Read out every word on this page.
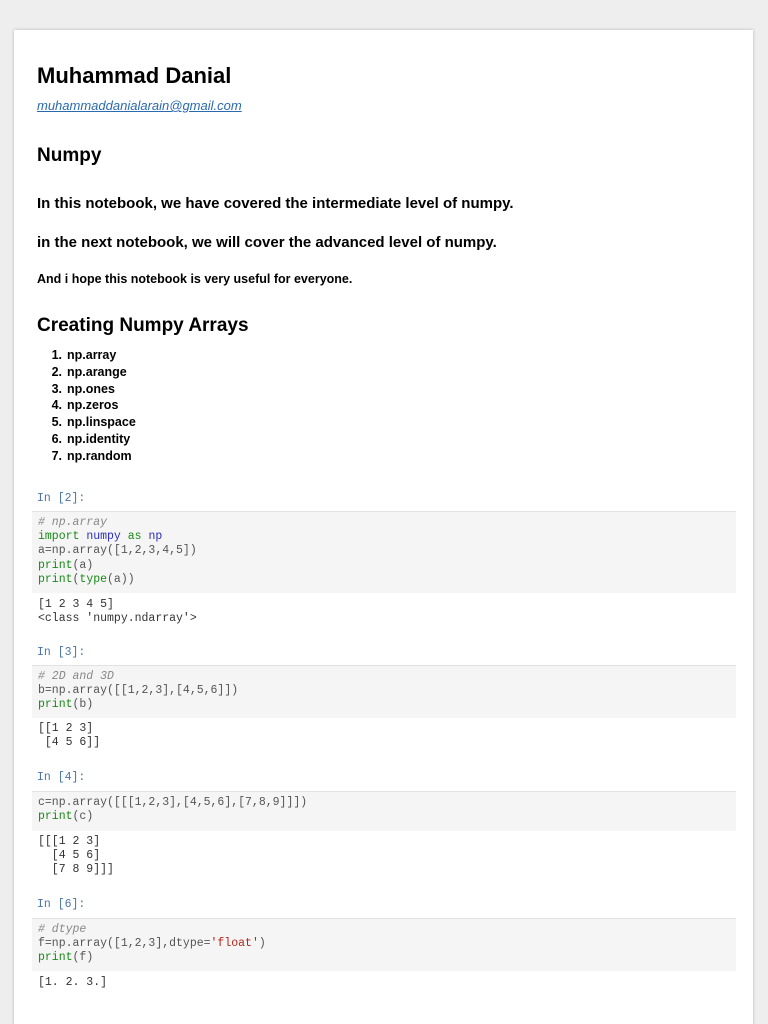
Muhammad Danial
muhammaddanialarain@gmail.com
Numpy
In this notebook, we have covered the intermediate level of numpy.
in the next notebook, we will cover the advanced level of numpy.
And i hope this notebook is very useful for everyone.
Creating Numpy Arrays
1. np.array
2. np.arange
3. np.ones
4. np.zeros
5. np.linspace
6. np.identity
7. np.random
In [2]:
# np.array
import numpy as np
a=np.array([1,2,3,4,5])
print(a)
print(type(a))
[1 2 3 4 5]
<class 'numpy.ndarray'>
In [3]:
# 2D and 3D
b=np.array([[1,2,3],[4,5,6]])
print(b)
[[1 2 3]
[4 5 6]]
In [4]:
c=np.array([[[1,2,3],[4,5,6],[7,8,9]]])
print(c)
[[[1 2 3]
[4 5 6]
[7 8 9]]]
In [6]:
# dtype
f=np.array([1,2,3],dtype='float')
print(f)
[1. 2. 3.]
